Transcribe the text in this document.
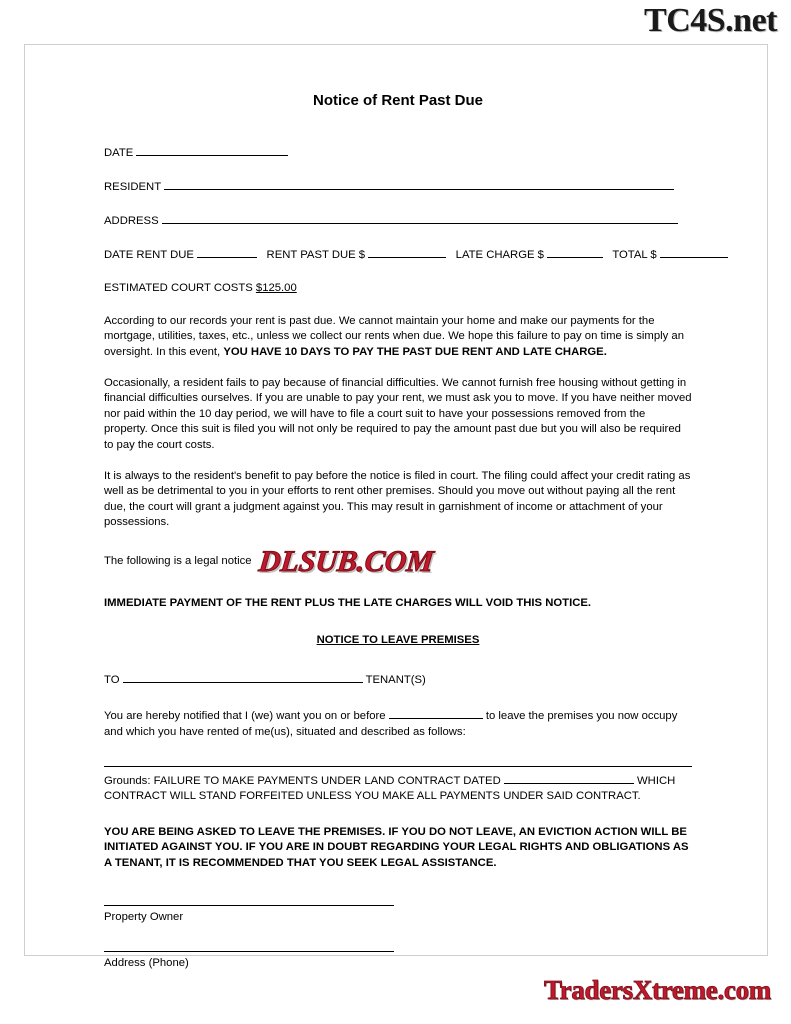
TC4S.net
Notice of Rent Past Due
DATE
RESIDENT
ADDRESS
DATE RENT DUE	RENT PAST DUE $	LATE CHARGE $	TOTAL $
ESTIMATED COURT COSTS $125.00

According to our records your rent is past due. We cannot maintain your home and make our payments for the mortgage, utilities, taxes, etc., unless we collect our rents when due. We hope this failure to pay on time is simply an oversight. In this event, YOU HAVE 10 DAYS TO PAY THE PAST DUE RENT AND LATE CHARGE.

Occasionally, a resident fails to pay because of financial difficulties. We cannot furnish free housing without getting in financial difficulties ourselves. If you are unable to pay your rent, we must ask you to move. If you have neither moved nor paid within the 10 day period, we will have to file a court suit to have your possessions removed from the property. Once this suit is filed you will not only be required to pay the amount past due but you will also be required to pay the court costs.

It is always to the resident's benefit to pay before the notice is filed in court. The filing could affect your credit rating as well as be detrimental to you in your efforts to rent other premises. Should you move out without paying all the rent due, the court will grant a judgment against you. This may result in garnishment of income or attachment of your possessions.

The following is a legal notice DLSUB.COM

IMMEDIATE PAYMENT OF THE RENT PLUS THE LATE CHARGES WILL VOID THIS NOTICE.

NOTICE TO LEAVE PREMISES
TO	TENANT(S)

You are hereby notified that I (we) want you on or before	to leave the premises you now occupy and which you have rented of me(us), situated and described as follows:

Grounds: FAILURE TO MAKE PAYMENTS UNDER LAND CONTRACT DATED	WHICH CONTRACT WILL STAND FORFEITED UNLESS YOU MAKE ALL PAYMENTS UNDER SAID CONTRACT.

YOU ARE BEING ASKED TO LEAVE THE PREMISES. IF YOU DO NOT LEAVE, AN EVICTION ACTION WILL BE INITIATED AGAINST YOU. IF YOU ARE IN DOUBT REGARDING YOUR LEGAL RIGHTS AND OBLIGATIONS AS A TENANT, IT IS RECOMMENDED THAT YOU SEEK LEGAL ASSISTANCE.

Property Owner
Address (Phone)
TradersXtreme.com
